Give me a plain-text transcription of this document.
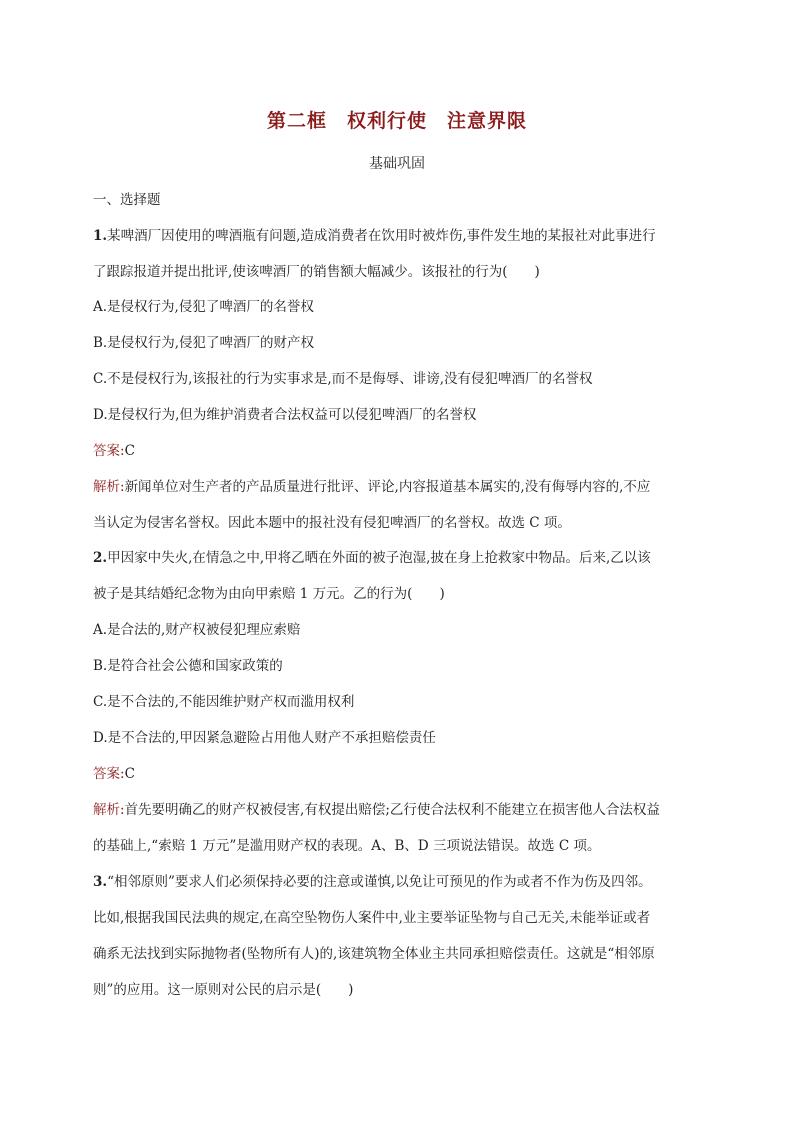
第二框　权利行使　注意界限
基础巩固
一、选择题
1.某啤酒厂因使用的啤酒瓶有问题,造成消费者在饮用时被炸伤,事件发生地的某报社对此事进行
了跟踪报道并提出批评,使该啤酒厂的销售额大幅减少。该报社的行为(　　)
A.是侵权行为,侵犯了啤酒厂的名誉权
B.是侵权行为,侵犯了啤酒厂的财产权
C.不是侵权行为,该报社的行为实事求是,而不是侮辱、诽谤,没有侵犯啤酒厂的名誉权
D.是侵权行为,但为维护消费者合法权益可以侵犯啤酒厂的名誉权
答案:C
解析:新闻单位对生产者的产品质量进行批评、评论,内容报道基本属实的,没有侮辱内容的,不应
当认定为侵害名誉权。因此本题中的报社没有侵犯啤酒厂的名誉权。故选 C 项。
2.甲因家中失火,在情急之中,甲将乙晒在外面的被子泡湿,披在身上抢救家中物品。后来,乙以该
被子是其结婚纪念物为由向甲索赔 1 万元。乙的行为(　　)
A.是合法的,财产权被侵犯理应索赔
B.是符合社会公德和国家政策的
C.是不合法的,不能因维护财产权而滥用权利
D.是不合法的,甲因紧急避险占用他人财产不承担赔偿责任
答案:C
解析:首先要明确乙的财产权被侵害,有权提出赔偿;乙行使合法权利不能建立在损害他人合法权益
的基础上,“索赔 1 万元”是滥用财产权的表现。A、B、D 三项说法错误。故选 C 项。
3.“相邻原则”要求人们必须保持必要的注意或谨慎,以免让可预见的作为或者不作为伤及四邻。
比如,根据我国民法典的规定,在高空坠物伤人案件中,业主要举证坠物与自己无关,未能举证或者
确系无法找到实际抛物者(坠物所有人)的,该建筑物全体业主共同承担赔偿责任。这就是“相邻原
则”的应用。这一原则对公民的启示是(　　)
